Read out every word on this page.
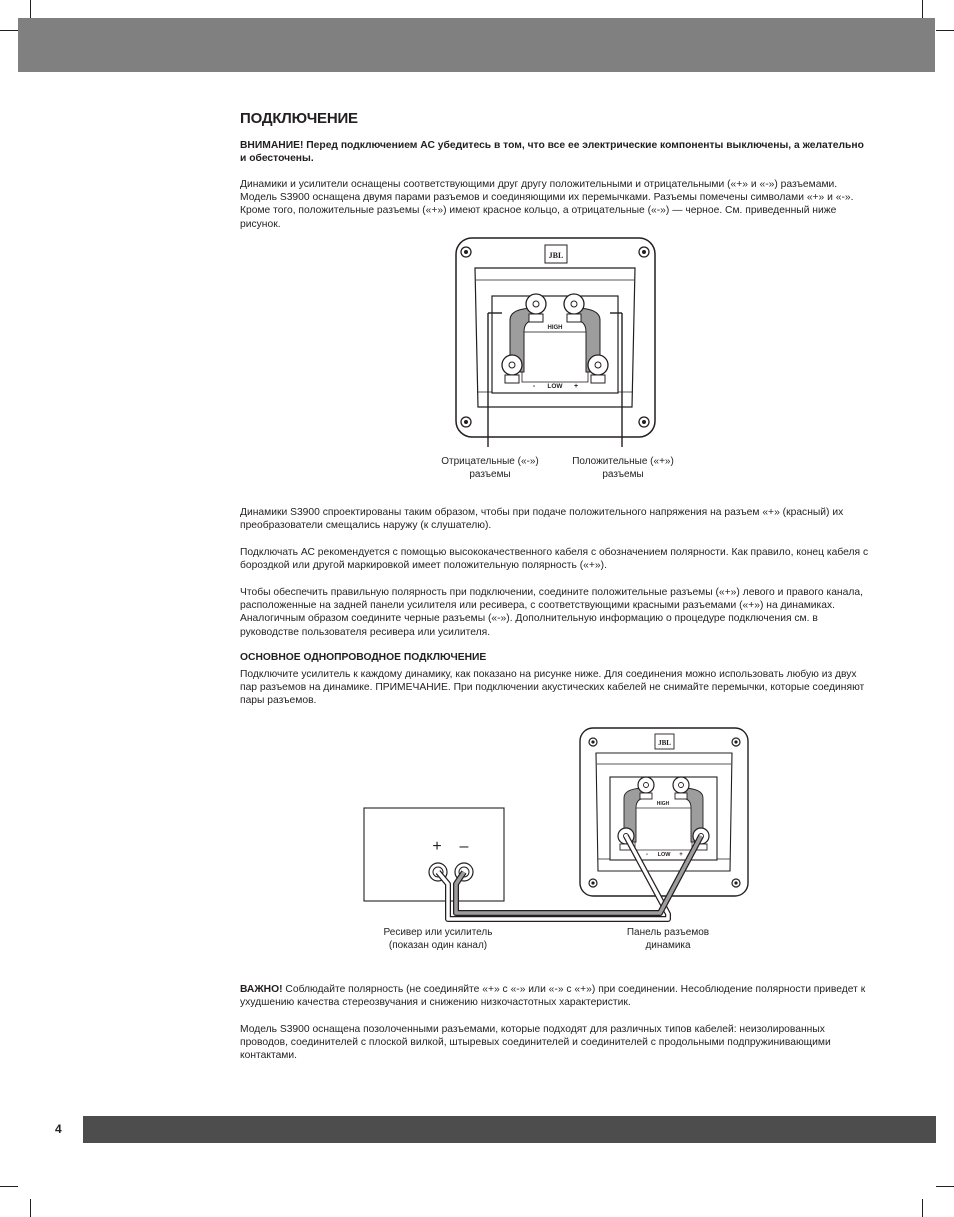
ПОДКЛЮЧЕНИЕ
ВНИМАНИЕ! Перед подключением АС убедитесь в том, что все ее электрические компоненты выключены, а желательно и обесточены.
Динамики и усилители оснащены соответствующими друг другу положительными и отрицательными («+» и «-») разъемами. Модель S3900 оснащена двумя парами разъемов и соединяющими их перемычками. Разъемы помечены символами «+» и «-». Кроме того, положительные разъемы («+») имеют красное кольцо, а отрицательные («-») — черное. См. приведенный ниже рисунок.
JBL
HIGH
LOW
-	+
Отрицательные («-»)
разъемы
Положительные («+»)
разъемы
Динамики S3900 спроектированы таким образом, чтобы при подаче положительного напряжения на разъем «+» (красный) их преобразователи смещались наружу (к слушателю).
Подключать АС рекомендуется с помощью высококачественного кабеля с обозначением полярности. Как правило, конец кабеля с бороздкой или другой маркировкой имеет положительную полярность («+»).
Чтобы обеспечить правильную полярность при подключении, соедините положительные разъемы («+») левого и правого канала, расположенные на задней панели усилителя или ресивера, с соответствующими красными разъемами («+») на динамиках. Аналогичным образом соедините черные разъемы («-»). Дополнительную информацию о процедуре подключения см. в руководстве пользователя ресивера или усилителя.
ОСНОВНОЕ ОДНОПРОВОДНОЕ ПОДКЛЮЧЕНИЕ
Подключите усилитель к каждому динамику, как показано на рисунке ниже. Для соединения можно использовать любую из двух пар разъемов на динамике. ПРИМЕЧАНИЕ. При подключении акустических кабелей не снимайте перемычки, которые соединяют пары разъемов.
JBL
HIGH
LOW
-	+
+ –
Ресивер или усилитель
(показан один канал)
Панель разъемов
динамика
ВАЖНО! Соблюдайте полярность (не соединяйте «+» с «-» или «-» с «+») при соединении. Несоблюдение полярности приведет к ухудшению качества стереозвучания и снижению низкочастотных характеристик.
Модель S3900 оснащена позолоченными разъемами, которые подходят для различных типов кабелей: неизолированных проводов, соединителей с плоской вилкой, штыревых соединителей и соединителей с продольными подпружинивающими контактами.
4
